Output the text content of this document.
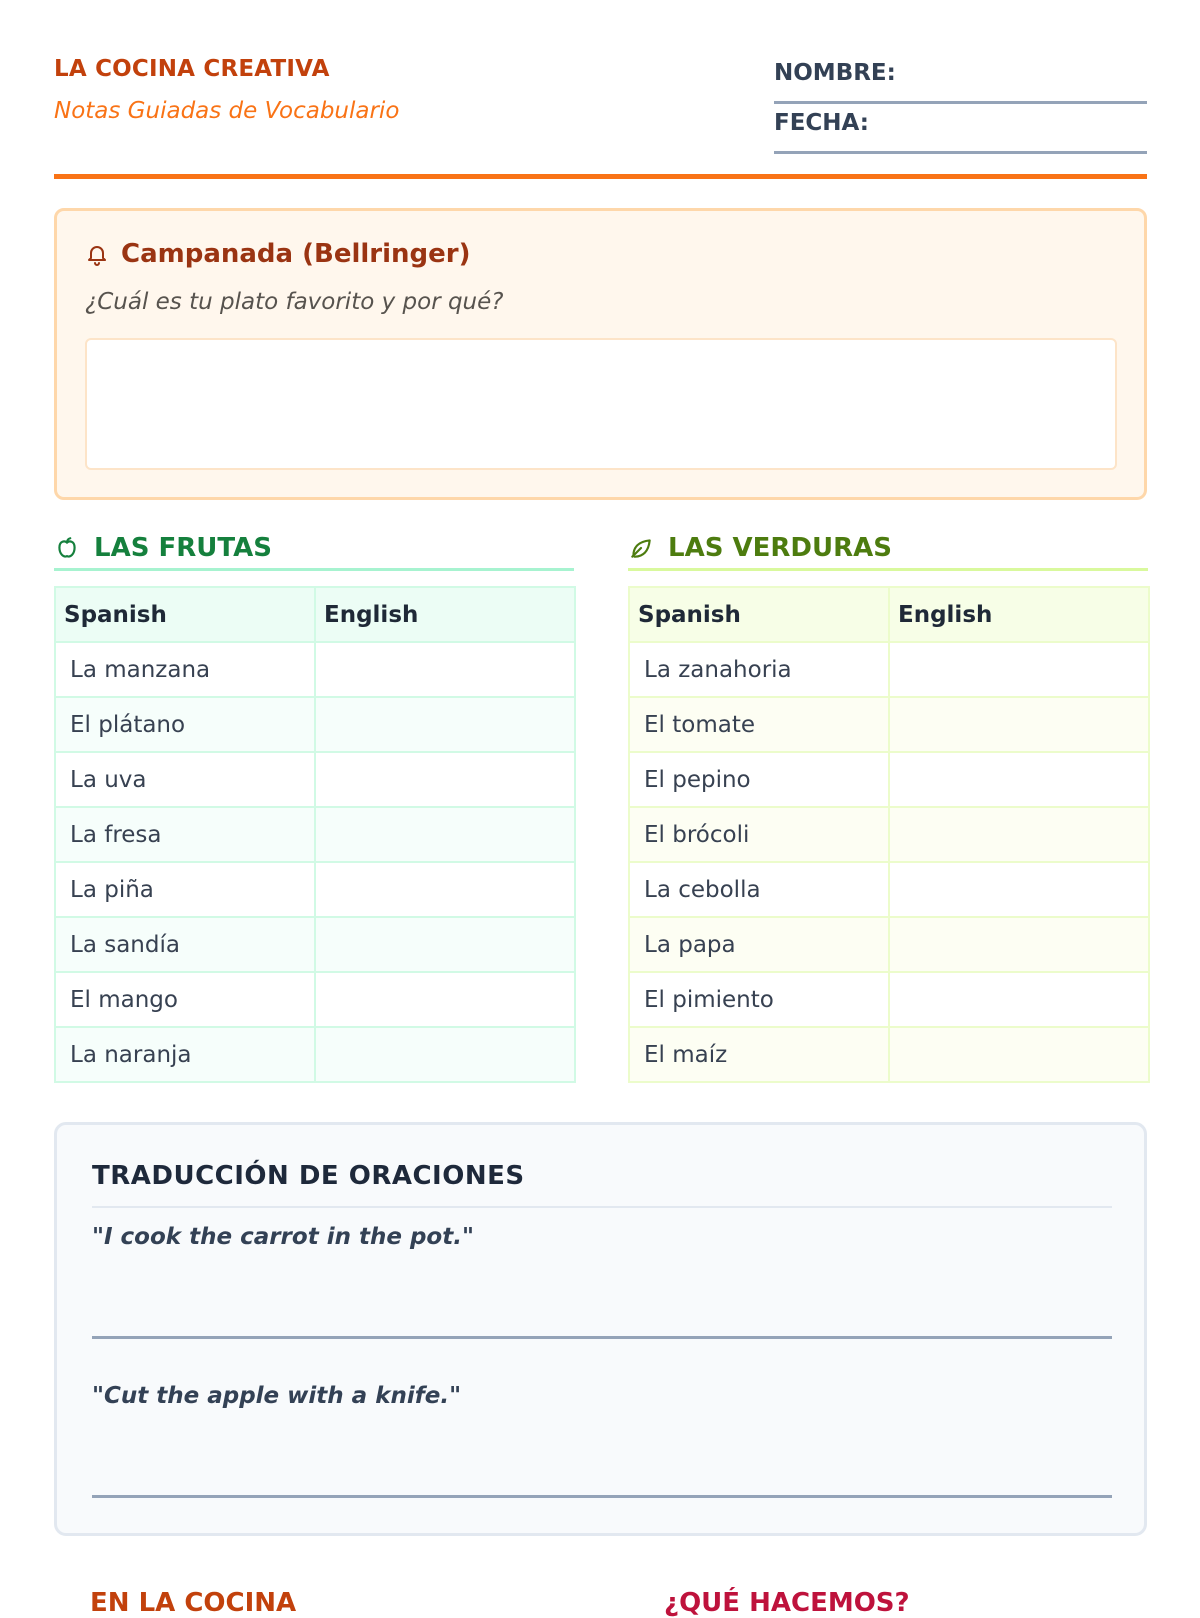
LA COCINA CREATIVA
Notas Guiadas de Vocabulario
NOMBRE:
FECHA:
Campanada (Bellringer)
¿Cuál es tu plato favorito y por qué?
LAS FRUTAS
Spanish	English
La manzana	
El plátano	
La uva	
La fresa	
La piña	
La sandía	
El mango	
La naranja	
LAS VERDURAS
Spanish	English
La zanahoria	
El tomate	
El pepino	
El brócoli	
La cebolla	
La papa	
El pimiento	
El maíz	
TRADUCCIÓN DE ORACIONES
"I cook the carrot in the pot."
"Cut the apple with a knife."
EN LA COCINA	¿QUÉ HACEMOS?
